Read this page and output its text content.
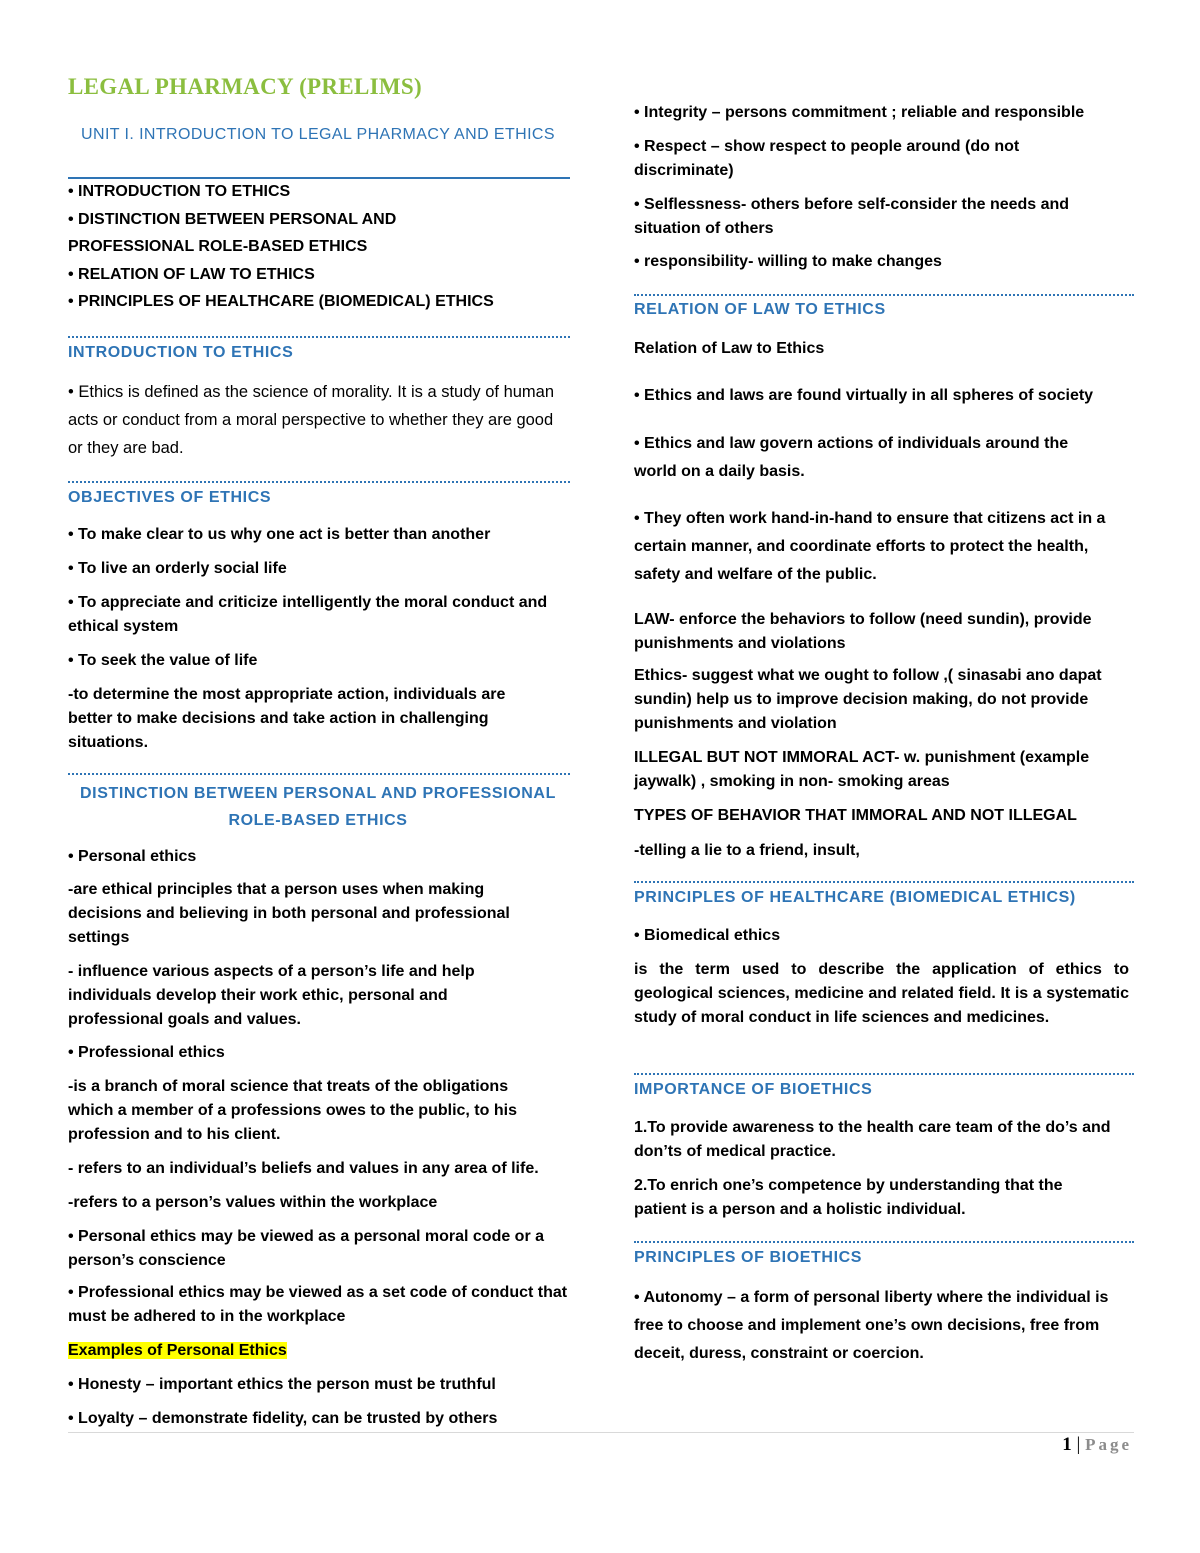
LEGAL PHARMACY (PRELIMS)
UNIT I. INTRODUCTION TO LEGAL PHARMACY AND ETHICS
• INTRODUCTION TO ETHICS
• DISTINCTION BETWEEN PERSONAL AND PROFESSIONAL ROLE-BASED ETHICS
• RELATION OF LAW TO ETHICS
• PRINCIPLES OF HEALTHCARE (BIOMEDICAL) ETHICS
INTRODUCTION TO ETHICS
• Ethics is defined as the science of morality. It is a study of human acts or conduct from a moral perspective to whether they are good or they are bad.
OBJECTIVES OF ETHICS
• To make clear to us why one act is better than another
• To live an orderly social life
• To appreciate and criticize intelligently the moral conduct and ethical system
• To seek the value of life
-to determine the most appropriate action, individuals are better to make decisions and take action in challenging situations.
DISTINCTION BETWEEN PERSONAL AND PROFESSIONAL ROLE-BASED ETHICS
• Personal ethics
-are ethical principles that a person uses when making decisions and believing in both personal and professional settings
- influence various aspects of a person’s life and help individuals develop their work ethic, personal and professional goals and values.
• Professional ethics
-is a branch of moral science that treats of the obligations which a member of a professions owes to the public, to his profession and to his client.
- refers to an individual’s beliefs and values in any area of life.
-refers to a person’s values within the workplace
• Personal ethics may be viewed as a personal moral code or a person’s conscience
• Professional ethics may be viewed as a set code of conduct that must be adhered to in the workplace
Examples of Personal Ethics
• Honesty – important ethics the person must be truthful
• Loyalty – demonstrate fidelity, can be trusted by others
• Integrity – persons commitment ; reliable and responsible
• Respect – show respect to people around (do not discriminate)
• Selflessness- others before self-consider the needs and situation of others
• responsibility- willing to make changes
RELATION OF LAW TO ETHICS
Relation of Law to Ethics
• Ethics and laws are found virtually in all spheres of society
• Ethics and law govern actions of individuals around the world on a daily basis.
• They often work hand-in-hand to ensure that citizens act in a certain manner, and coordinate efforts to protect the health, safety and welfare of the public.
LAW- enforce the behaviors to follow (need sundin), provide punishments and violations
Ethics- suggest what we ought to follow ,( sinasabi ano dapat sundin) help us to improve decision making, do not provide punishments and violation
ILLEGAL BUT NOT IMMORAL ACT- w. punishment (example jaywalk) , smoking in non- smoking areas
TYPES OF BEHAVIOR THAT IMMORAL AND NOT ILLEGAL
-telling a lie to a friend, insult,
PRINCIPLES OF HEALTHCARE (BIOMEDICAL ETHICS)
• Biomedical ethics
is the term used to describe the application of ethics to geological sciences, medicine and related field. It is a systematic study of moral conduct in life sciences and medicines.
IMPORTANCE OF BIOETHICS
1.To provide awareness to the health care team of the do’s and don’ts of medical practice.
2.To enrich one’s competence by understanding that the patient is a person and a holistic individual.
PRINCIPLES OF BIOETHICS
• Autonomy – a form of personal liberty where the individual is free to choose and implement one’s own decisions, free from deceit, duress, constraint or coercion.
1 | Page
